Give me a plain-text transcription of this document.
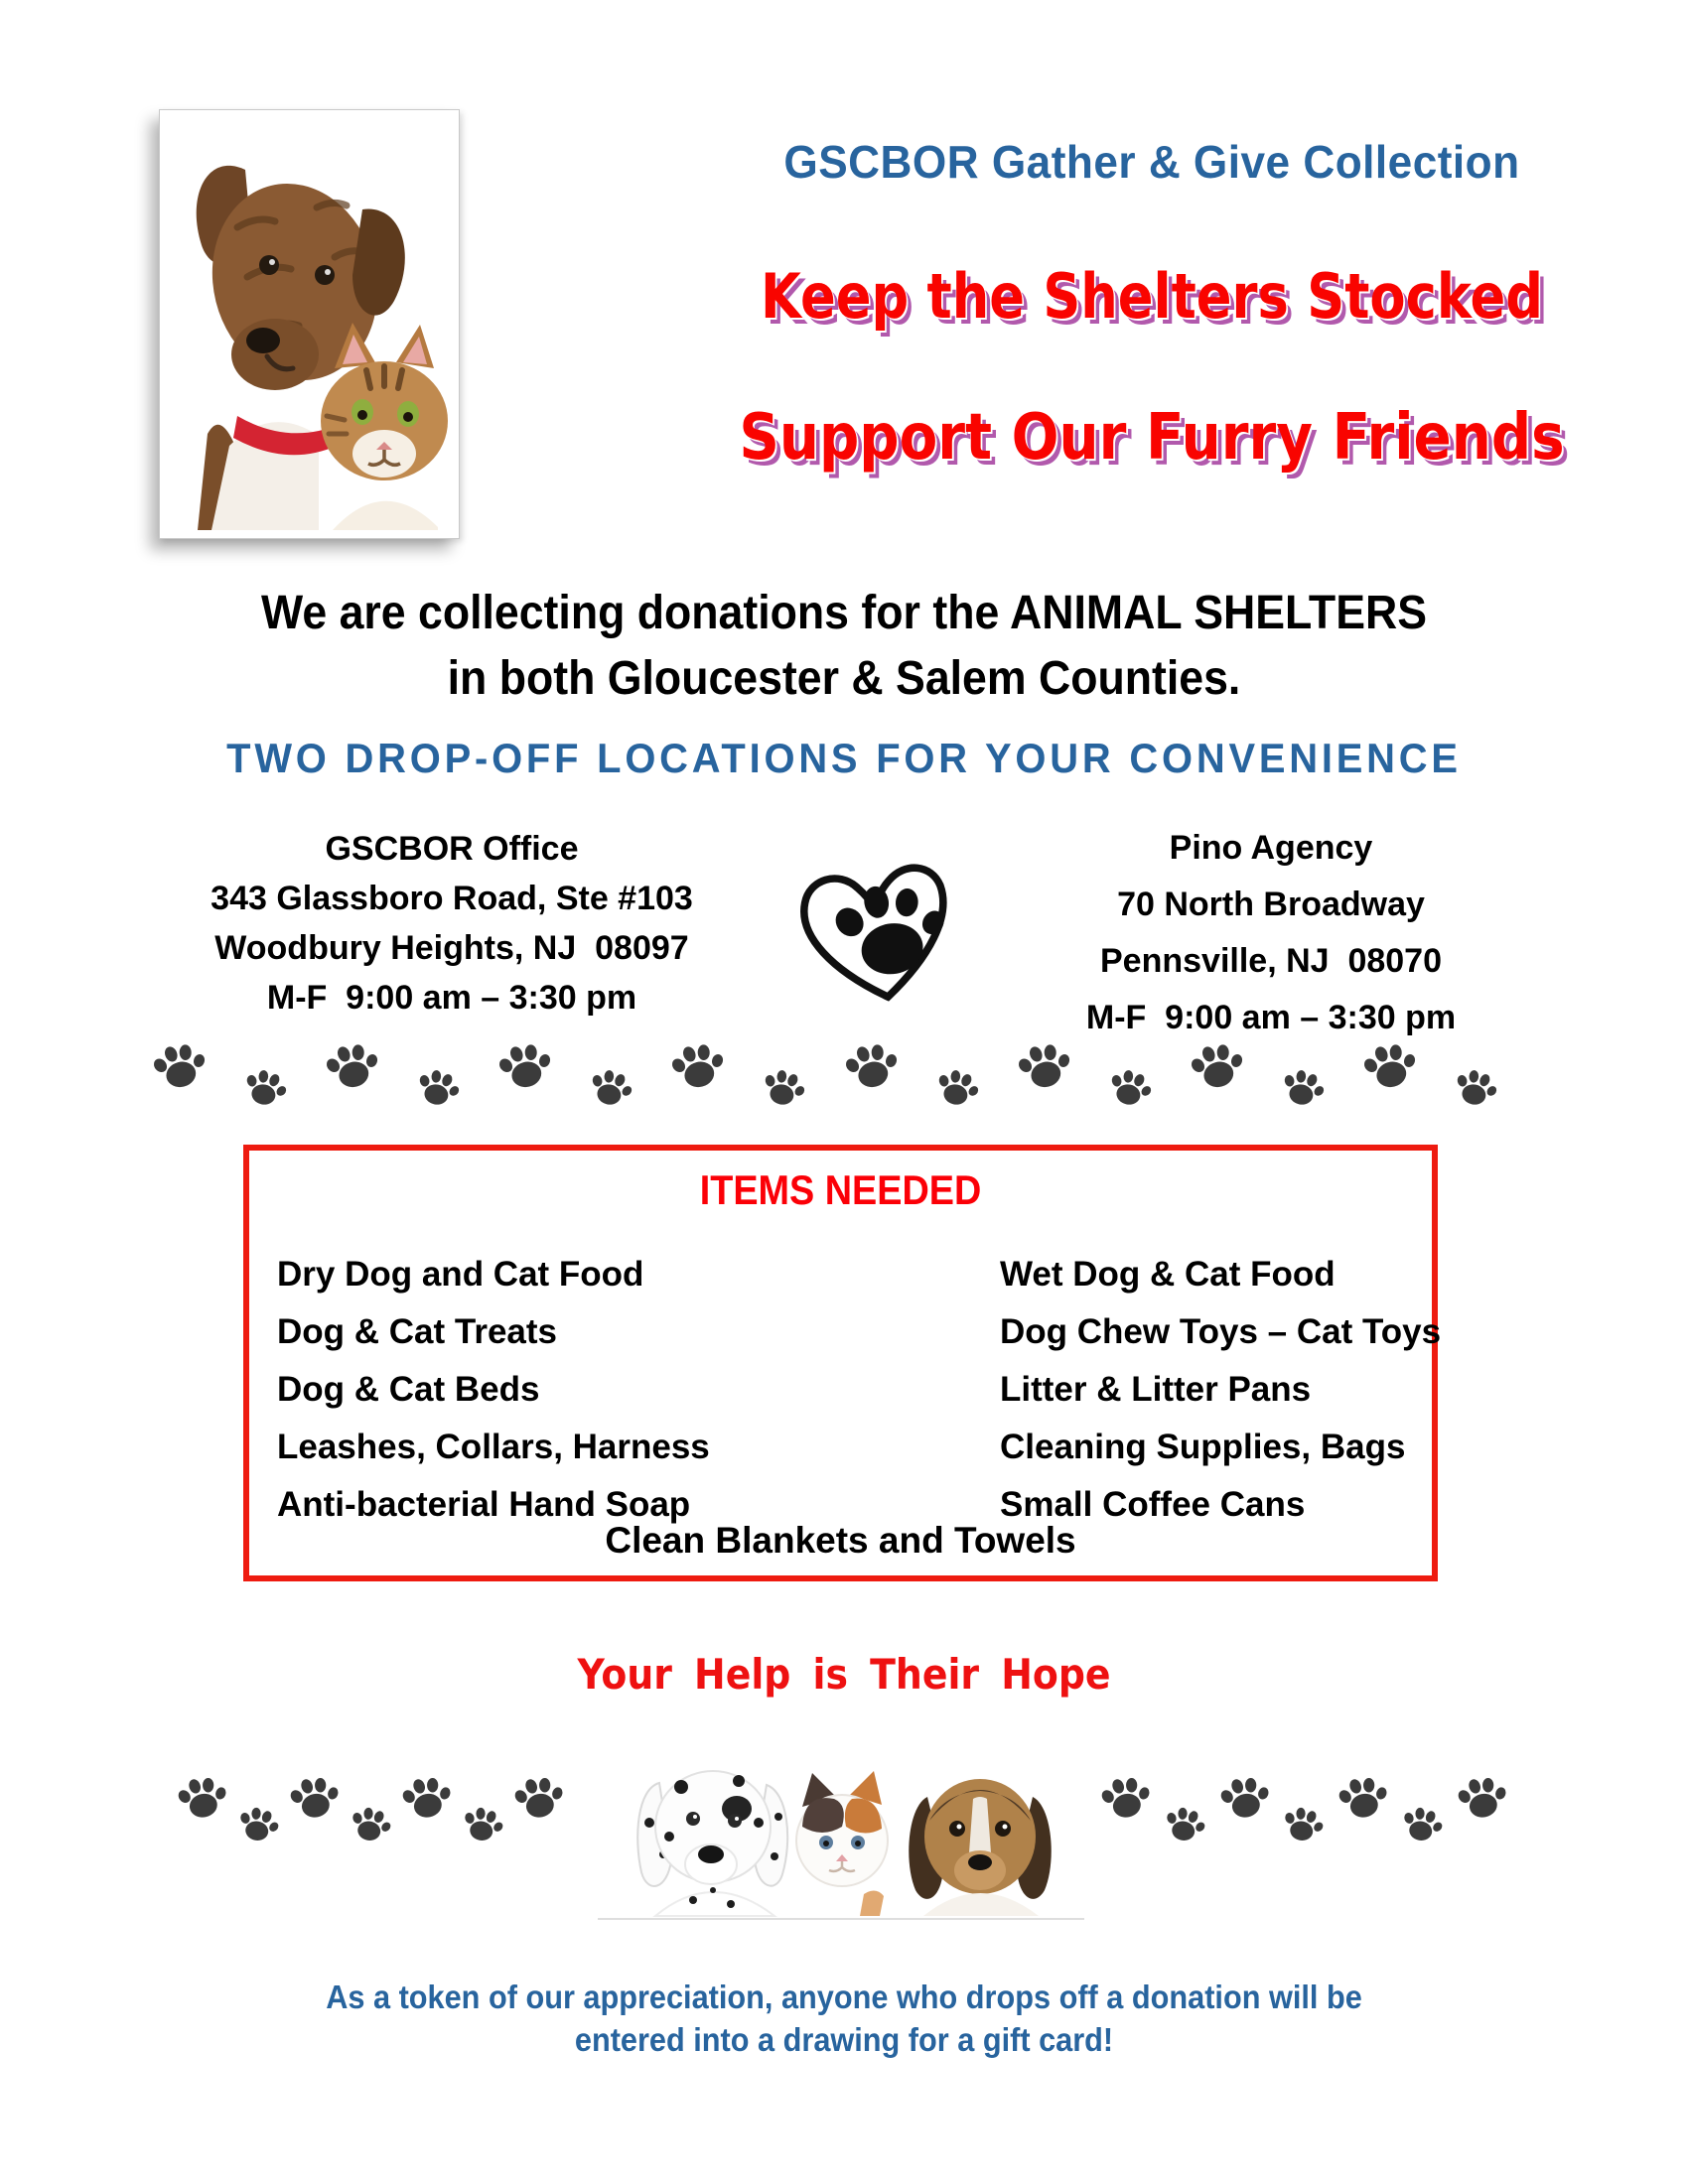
GSCBOR Gather & Give Collection
Keep the Shelters Stocked
Support Our Furry Friends
We are collecting donations for the ANIMAL SHELTERS
in both Gloucester & Salem Counties.
TWO DROP-OFF LOCATIONS FOR YOUR CONVENIENCE
GSCBOR Office
343 Glassboro Road, Ste #103
Woodbury Heights, NJ  08097
M-F  9:00 am – 3:30 pm
Pino Agency
70 North Broadway
Pennsville, NJ  08070
M-F  9:00 am – 3:30 pm
ITEMS NEEDED
Dry Dog and Cat Food
Dog & Cat Treats
Dog & Cat Beds
Leashes, Collars, Harness
Anti-bacterial Hand Soap
Wet Dog & Cat Food
Dog Chew Toys – Cat Toys
Litter & Litter Pans
Cleaning Supplies, Bags
Small Coffee Cans
Clean Blankets and Towels
Your Help is Their Hope
As a token of our appreciation, anyone who drops off a donation will be
entered into a drawing for a gift card!
